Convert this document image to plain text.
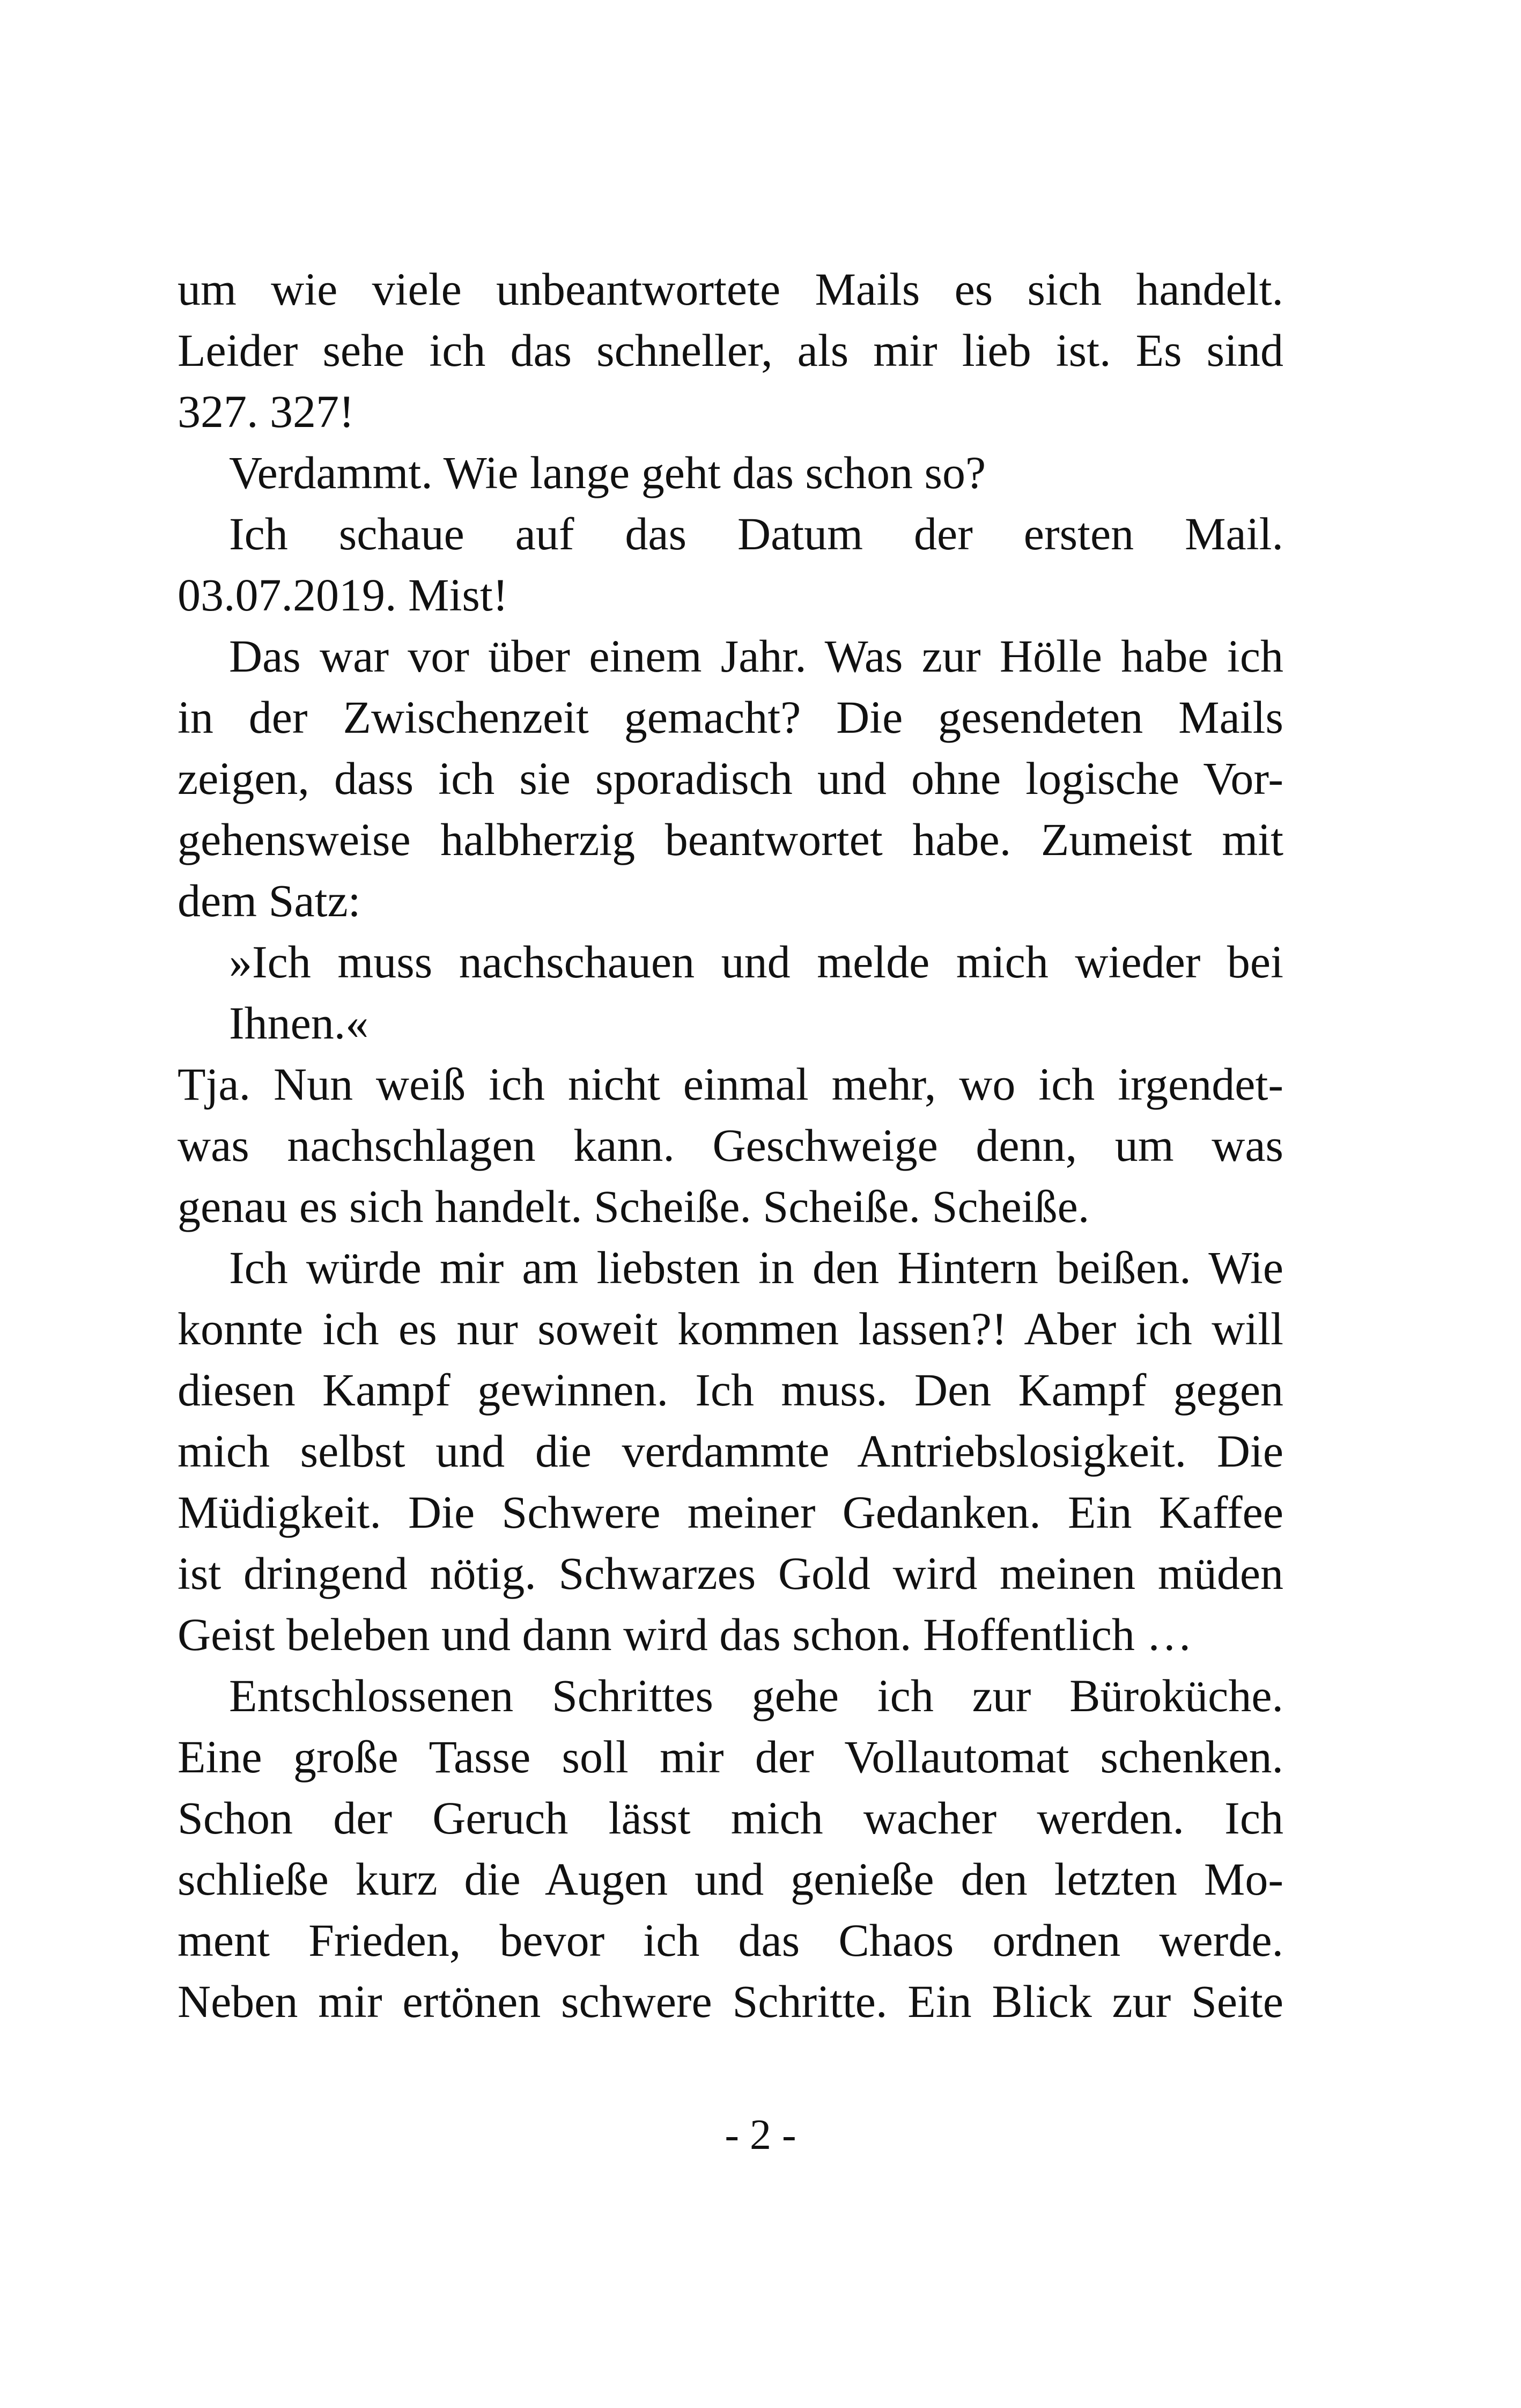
um wie viele unbeantwortete Mails es sich handelt.
Leider sehe ich das schneller, als mir lieb ist. Es sind
327. 327!
Verdammt. Wie lange geht das schon so?
Ich schaue auf das Datum der ersten Mail.
03.07.2019. Mist!
Das war vor über einem Jahr. Was zur Hölle habe ich
in der Zwischenzeit gemacht? Die gesendeten Mails
zeigen, dass ich sie sporadisch und ohne logische Vor-
gehensweise halbherzig beantwortet habe. Zumeist mit
dem Satz:
»Ich muss nachschauen und melde mich wieder bei
Ihnen.«
Tja. Nun weiß ich nicht einmal mehr, wo ich irgendet-
was nachschlagen kann. Geschweige denn, um was
genau es sich handelt. Scheiße. Scheiße. Scheiße.
Ich würde mir am liebsten in den Hintern beißen. Wie
konnte ich es nur soweit kommen lassen?! Aber ich will
diesen Kampf gewinnen. Ich muss. Den Kampf gegen
mich selbst und die verdammte Antriebslosigkeit. Die
Müdigkeit. Die Schwere meiner Gedanken. Ein Kaffee
ist dringend nötig. Schwarzes Gold wird meinen müden
Geist beleben und dann wird das schon. Hoffentlich …
Entschlossenen Schrittes gehe ich zur Büroküche.
Eine große Tasse soll mir der Vollautomat schenken.
Schon der Geruch lässt mich wacher werden. Ich
schließe kurz die Augen und genieße den letzten Mo-
ment Frieden, bevor ich das Chaos ordnen werde.
Neben mir ertönen schwere Schritte. Ein Blick zur Seite
- 2 -
